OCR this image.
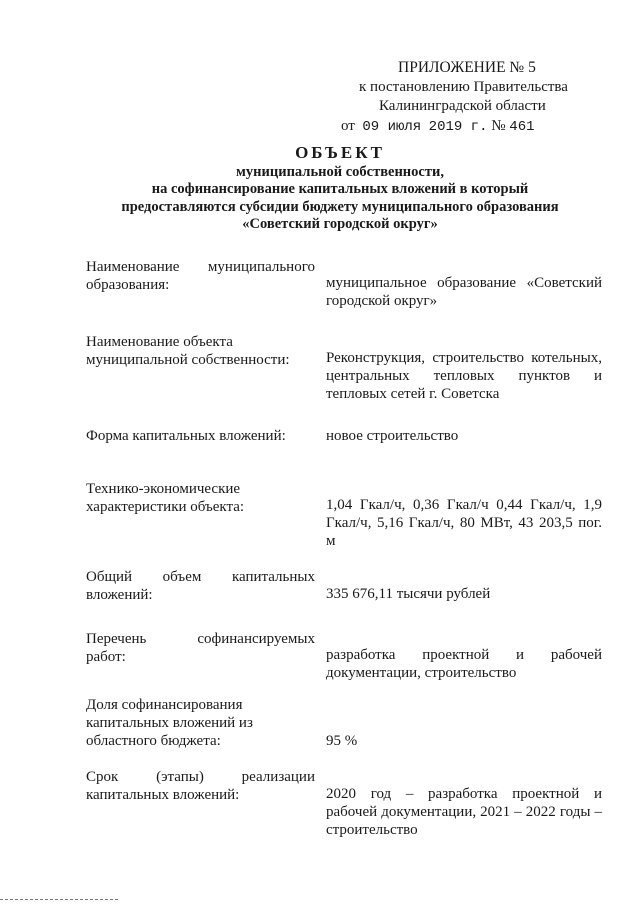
ПРИЛОЖЕНИЕ № 5
к постановлению Правительства
Калининградской области
от 09 июля 2019 г. № 461
ОБЪЕКТ
муниципальной собственности,
на софинансирование капитальных вложений в который
предоставляются субсидии бюджету муниципального образования
«Советский городской округ»
Наименование муниципального
образования:	муниципальное образование «Советский городской округ»
Наименование объекта
муниципальной собственности:	Реконструкция, строительство котельных, центральных тепловых пунктов и тепловых сетей г. Советска
Форма капитальных вложений:	новое строительство
Технико-экономические
характеристики объекта:	1,04 Гкал/ч, 0,36 Гкал/ч 0,44 Гкал/ч, 1,9 Гкал/ч, 5,16 Гкал/ч, 80 МВт, 43 203,5 пог. м
Общий объем капитальных
вложений:	335 676,11 тысячи рублей
Перечень софинансируемых
работ:	разработка проектной и рабочей документации, строительство
Доля софинансирования
капитальных вложений из
областного бюджета:	95 %
Срок (этапы) реализации
капитальных вложений:	2020 год – разработка проектной и рабочей документации, 2021 – 2022 годы – строительство
